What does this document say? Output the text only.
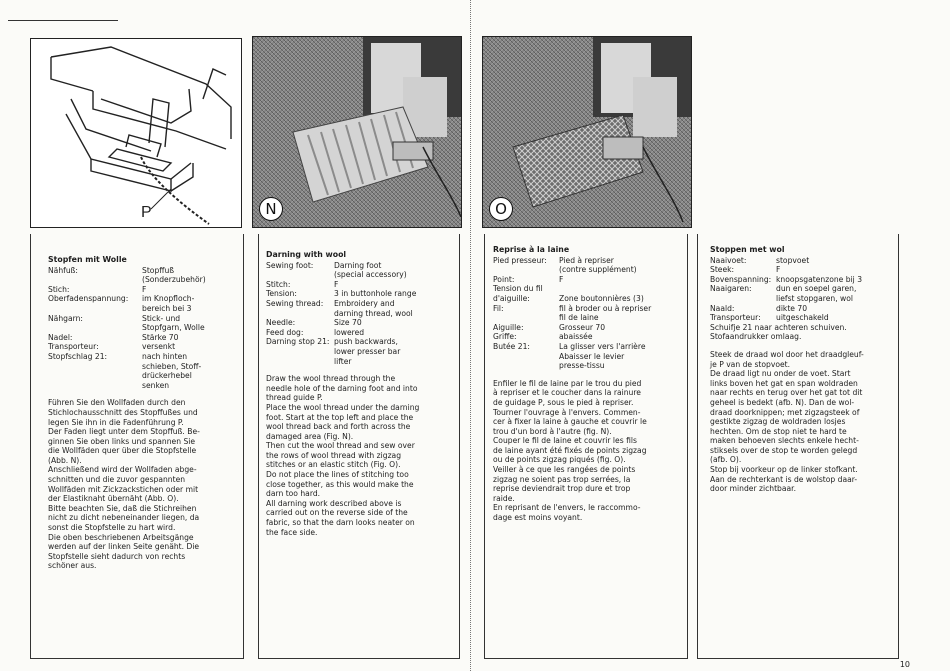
P	N	O
Stopfen mit Wolle
Nähfuß:	Stopffuß
(Sonderzubehör)
Stich:	F
Oberfadenspannung:	im Knopfloch-
bereich bei 3
Nähgarn:	Stick- und
Stopfgarn, Wolle
Nadel:	Stärke 70
Transporteur:	versenkt
Stopfschlag 21:	nach hinten
schieben, Stoff-
drückerhebel
senken
Führen Sie den Wollfaden durch den
Stichlochausschnitt des Stopffußes und
legen Sie ihn in die Fadenführung P.
Der Faden liegt unter dem Stopffuß. Be-
ginnen Sie oben links und spannen Sie
die Wollfäden quer über die Stopfstelle
(Abb. N).
Anschließend wird der Wollfaden abge-
schnitten und die zuvor gespannten
Wollfäden mit Zickzackstichen oder mit
der Elastiknaht übernäht (Abb. O).
Bitte beachten Sie, daß die Stichreihen
nicht zu dicht nebeneinander liegen, da
sonst die Stopfstelle zu hart wird.
Die oben beschriebenen Arbeitsgänge
werden auf der linken Seite genäht. Die
Stopfstelle sieht dadurch von rechts
schöner aus.
Darning with wool
Sewing foot:	Darning foot
(special accessory)
Stitch:	F
Tension:	3 in buttonhole range
Sewing thread:	Embroidery and
darning thread, wool
Needle:	Size 70
Feed dog:	lowered
Darning stop 21: push backwards,
lower presser bar
lifter
Draw the wool thread through the
needle hole of the darning foot and into
thread guide P.
Place the wool thread under the darning
foot. Start at the top left and place the
wool thread back and forth across the
damaged area (Fig. N).
Then cut the wool thread and sew over
the rows of wool thread with zigzag
stitches or an elastic stitch (Fig. O).
Do not place the lines of stitching too
close together, as this would make the
darn too hard.
All darning work described above is
carried out on the reverse side of the
fabric, so that the darn looks neater on
the face side.
Reprise à la laine
Pied presseur:	Pied à repriser
(contre supplément)
Point:	F
Tension du fil
d'aiguille:	
Zone boutonnières (3)
Fil:	fil à broder ou à repriser
fil de laine
Aiguille:	Grosseur 70
Griffe:	abaissée
Butée 21:	La glisser vers l'arrière
Abaisser le levier
presse-tissu
Enfiler le fil de laine par le trou du pied
à repriser et le coucher dans la rainure
de guidage P, sous le pied à repriser.
Tourner l'ouvrage à l'envers. Commen-
cer à fixer la laine à gauche et couvrir le
trou d'un bord à l'autre (fig. N).
Couper le fil de laine et couvrir les fils
de laine ayant été fixés de points zigzag
ou de points zigzag piqués (fig. O).
Veiller à ce que les rangées de points
zigzag ne soient pas trop serrées, la
reprise deviendrait trop dure et trop
raide.
En reprisant de l'envers, le raccommo-
dage est moins voyant.
Stoppen met wol
Naaivoet:	stopvoet
Steek:	F
Bovenspanning: knoopsgatenzone bij 3
Naaigaren:	dun en soepel garen,
liefst stopgaren, wol
Naald:	dikte 70
Transporteur:	uitgeschakeld
Schuifje 21 naar achteren schuiven.
Stofaandrukker omlaag.
Steek de draad wol door het draadgleuf-
je P van de stopvoet.
De draad ligt nu onder de voet. Start
links boven het gat en span woldraden
naar rechts en terug over het gat tot dit
geheel is bedekt (afb. N). Dan de wol-
draad doorknippen; met zigzagsteek of
gestikte zigzag de woldraden losjes
hechten. Om de stop niet te hard te
maken behoeven slechts enkele hecht-
stiksels over de stop te worden gelegd
(afb. O).
Stop bij voorkeur op de linker stofkant.
Aan de rechterkant is de wolstop daar-
door minder zichtbaar.
10
